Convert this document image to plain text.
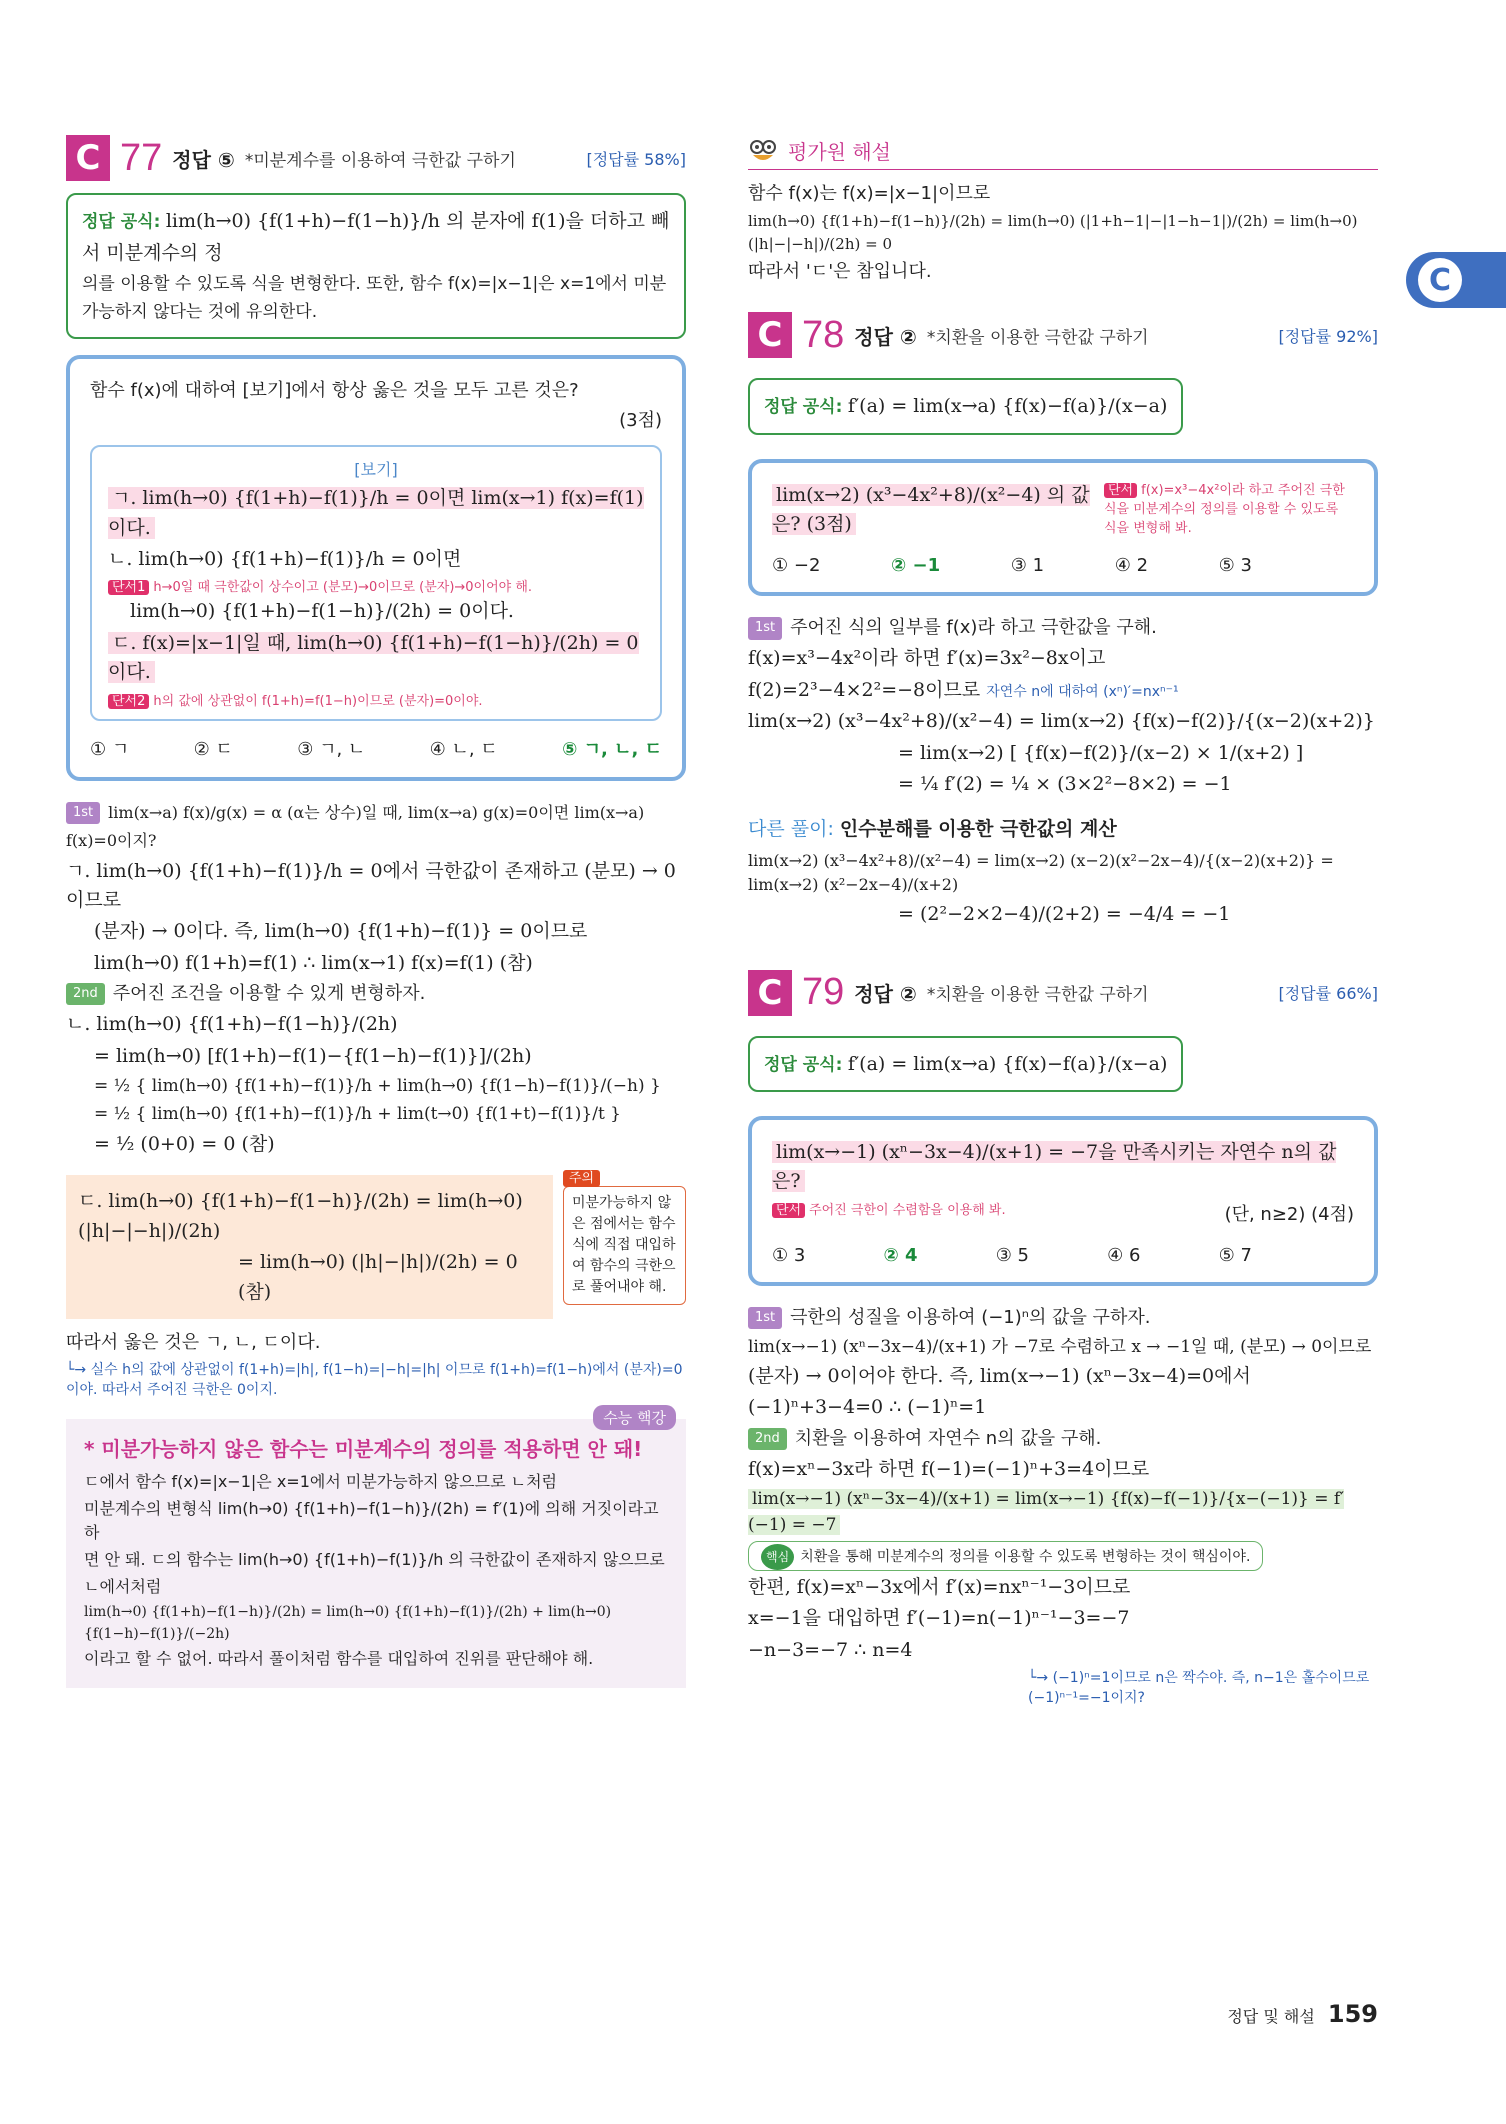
C
C 77 정답 ⑤ *미분계수를 이용하여 극한값 구하기	[정답률 58%]
정답 공식: lim(h→0) {f(1+h)−f(1−h)}/h 의 분자에 f(1)을 더하고 빼서 미분계수의 정
의를 이용할 수 있도록 식을 변형한다. 또한, 함수 f(x)=|x−1|은 x=1에서 미분
가능하지 않다는 것에 유의한다.
함수 f(x)에 대하여 [보기]에서 항상 옳은 것을 모두 고른 것은?
(3점)
[보기]
ㄱ. lim(h→0) {f(1+h)−f(1)}/h = 0이면 lim(x→1) f(x)=f(1)이다.
ㄴ. lim(h→0) {f(1+h)−f(1)}/h = 0이면
단서1 h→0일 때 극한값이 상수이고 (분모)→0이므로 (분자)→0이어야 해.
lim(h→0) {f(1+h)−f(1−h)}/(2h) = 0이다.
ㄷ. f(x)=|x−1|일 때, lim(h→0) {f(1+h)−f(1−h)}/(2h) = 0이다.
단서2 h의 값에 상관없이 f(1+h)=f(1−h)이므로 (분자)=0이야.
① ㄱ	② ㄷ	③ ㄱ, ㄴ	④ ㄴ, ㄷ	⑤ ㄱ, ㄴ, ㄷ
1st lim(x→a) f(x)/g(x) = α (α는 상수)일 때, lim(x→a) g(x)=0이면 lim(x→a) f(x)=0이지?
ㄱ. lim(h→0) {f(1+h)−f(1)}/h = 0에서 극한값이 존재하고 (분모) → 0이므로
(분자) → 0이다. 즉, lim(h→0) {f(1+h)−f(1)} = 0이므로
lim(h→0) f(1+h)=f(1) ∴ lim(x→1) f(x)=f(1) (참)
2nd 주어진 조건을 이용할 수 있게 변형하자.
ㄴ. lim(h→0) {f(1+h)−f(1−h)}/(2h)
= lim(h→0) [f(1+h)−f(1)−{f(1−h)−f(1)}]/(2h)
= ½ { lim(h→0) {f(1+h)−f(1)}/h + lim(h→0) {f(1−h)−f(1)}/(−h) }
= ½ { lim(h→0) {f(1+h)−f(1)}/h + lim(t→0) {f(1+t)−f(1)}/t }
= ½ (0+0) = 0 (참)
ㄷ. lim(h→0) {f(1+h)−f(1−h)}/(2h) = lim(h→0) (|h|−|−h|)/(2h)
= lim(h→0) (|h|−|h|)/(2h) = 0 (참)
주의
미분가능하지 않은 점에서는 함수식에 직접 대입하여 함수의 극한으로 풀어내야 해.
따라서 옳은 것은 ㄱ, ㄴ, ㄷ이다.
└→ 실수 h의 값에 상관없이 f(1+h)=|h|, f(1−h)=|−h|=|h| 이므로 f(1+h)=f(1−h)에서 (분자)=0이야. 따라서 주어진 극한은 0이지.
수능 핵강
* 미분가능하지 않은 함수는 미분계수의 정의를 적용하면 안 돼!
ㄷ에서 함수 f(x)=|x−1|은 x=1에서 미분가능하지 않으므로 ㄴ처럼
미분계수의 변형식 lim(h→0) {f(1+h)−f(1−h)}/(2h) = f′(1)에 의해 거짓이라고 하
면 안 돼. ㄷ의 함수는 lim(h→0) {f(1+h)−f(1)}/h 의 극한값이 존재하지 않으므로
ㄴ에서처럼
lim(h→0) {f(1+h)−f(1−h)}/(2h) = lim(h→0) {f(1+h)−f(1)}/(2h) + lim(h→0) {f(1−h)−f(1)}/(−2h)
이라고 할 수 없어. 따라서 풀이처럼 함수를 대입하여 진위를 판단해야 해.
평가원 해설
함수 f(x)는 f(x)=|x−1|이므로
lim(h→0) {f(1+h)−f(1−h)}/(2h) = lim(h→0) (|1+h−1|−|1−h−1|)/(2h) = lim(h→0) (|h|−|−h|)/(2h) = 0
따라서 'ㄷ'은 참입니다.
C 78 정답 ② *치환을 이용한 극한값 구하기	[정답률 92%]
정답 공식: f′(a) = lim(x→a) {f(x)−f(a)}/(x−a)
lim(x→2) (x³−4x²+8)/(x²−4) 의 값은? (3점)
단서 f(x)=x³−4x²이라 하고 주어진 극한식을 미분계수의 정의를 이용할 수 있도록 식을 변형해 봐.
① −2	② −1	③ 1	④ 2	⑤ 3
1st 주어진 식의 일부를 f(x)라 하고 극한값을 구해.
f(x)=x³−4x²이라 하면 f′(x)=3x²−8x이고
f(2)=2³−4×2²=−8이므로 자연수 n에 대하여 (xⁿ)′=nxⁿ⁻¹
lim(x→2) (x³−4x²+8)/(x²−4) = lim(x→2) {f(x)−f(2)}/{(x−2)(x+2)}
= lim(x→2) [ {f(x)−f(2)}/(x−2) × 1/(x+2) ]
= ¼ f′(2) = ¼ × (3×2²−8×2) = −1
다른 풀이: 인수분해를 이용한 극한값의 계산
lim(x→2) (x³−4x²+8)/(x²−4) = lim(x→2) (x−2)(x²−2x−4)/{(x−2)(x+2)} = lim(x→2) (x²−2x−4)/(x+2)
= (2²−2×2−4)/(2+2) = −4/4 = −1
C 79 정답 ② *치환을 이용한 극한값 구하기	[정답률 66%]
정답 공식: f′(a) = lim(x→a) {f(x)−f(a)}/(x−a)
lim(x→−1) (xⁿ−3x−4)/(x+1) = −7을 만족시키는 자연수 n의 값은?
단서 주어진 극한이 수렴함을 이용해 봐.	(단, n≥2) (4점)
① 3	② 4	③ 5	④ 6	⑤ 7
1st 극한의 성질을 이용하여 (−1)ⁿ의 값을 구하자.
lim(x→−1) (xⁿ−3x−4)/(x+1) 가 −7로 수렴하고 x → −1일 때, (분모) → 0이므로
(분자) → 0이어야 한다. 즉, lim(x→−1) (xⁿ−3x−4)=0에서
(−1)ⁿ+3−4=0 ∴ (−1)ⁿ=1
2nd 치환을 이용하여 자연수 n의 값을 구해.
f(x)=xⁿ−3x라 하면 f(−1)=(−1)ⁿ+3=4이므로
lim(x→−1) (xⁿ−3x−4)/(x+1) = lim(x→−1) {f(x)−f(−1)}/{x−(−1)} = f′(−1) = −7
핵심 치환을 통해 미분계수의 정의를 이용할 수 있도록 변형하는 것이 핵심이야.
한편, f(x)=xⁿ−3x에서 f′(x)=nxⁿ⁻¹−3이므로
x=−1을 대입하면 f′(−1)=n(−1)ⁿ⁻¹−3=−7
−n−3=−7 ∴ n=4
└→ (−1)ⁿ=1이므로 n은 짝수야. 즉, n−1은 홀수이므로 (−1)ⁿ⁻¹=−1이지?
정답 및 해설 159
